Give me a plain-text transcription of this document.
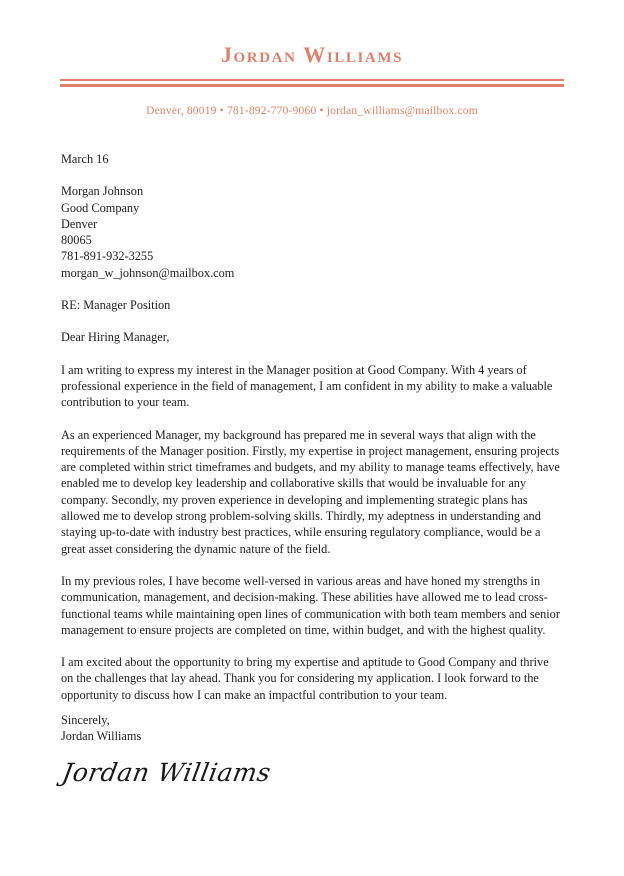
Jordan Williams
Denver, 80019 • 781-892-770-9060 • jordan_williams@mailbox.com
March 16
Morgan Johnson
Good Company
Denver
80065
781-891-932-3255
morgan_w_johnson@mailbox.com
RE: Manager Position
Dear Hiring Manager,
I am writing to express my interest in the Manager position at Good Company. With 4 years of professional experience in the field of management, I am confident in my ability to make a valuable contribution to your team.
As an experienced Manager, my background has prepared me in several ways that align with the requirements of the Manager position. Firstly, my expertise in project management, ensuring projects are completed within strict timeframes and budgets, and my ability to manage teams effectively, have enabled me to develop key leadership and collaborative skills that would be invaluable for any company. Secondly, my proven experience in developing and implementing strategic plans has allowed me to develop strong problem-solving skills. Thirdly, my adeptness in understanding and staying up-to-date with industry best practices, while ensuring regulatory compliance, would be a great asset considering the dynamic nature of the field.
In my previous roles, I have become well-versed in various areas and have honed my strengths in communication, management, and decision-making. These abilities have allowed me to lead cross-functional teams while maintaining open lines of communication with both team members and senior management to ensure projects are completed on time, within budget, and with the highest quality.
I am excited about the opportunity to bring my expertise and aptitude to Good Company and thrive on the challenges that lay ahead. Thank you for considering my application. I look forward to the opportunity to discuss how I can make an impactful contribution to your team.
Sincerely,
Jordan Williams
Jordan Williams
